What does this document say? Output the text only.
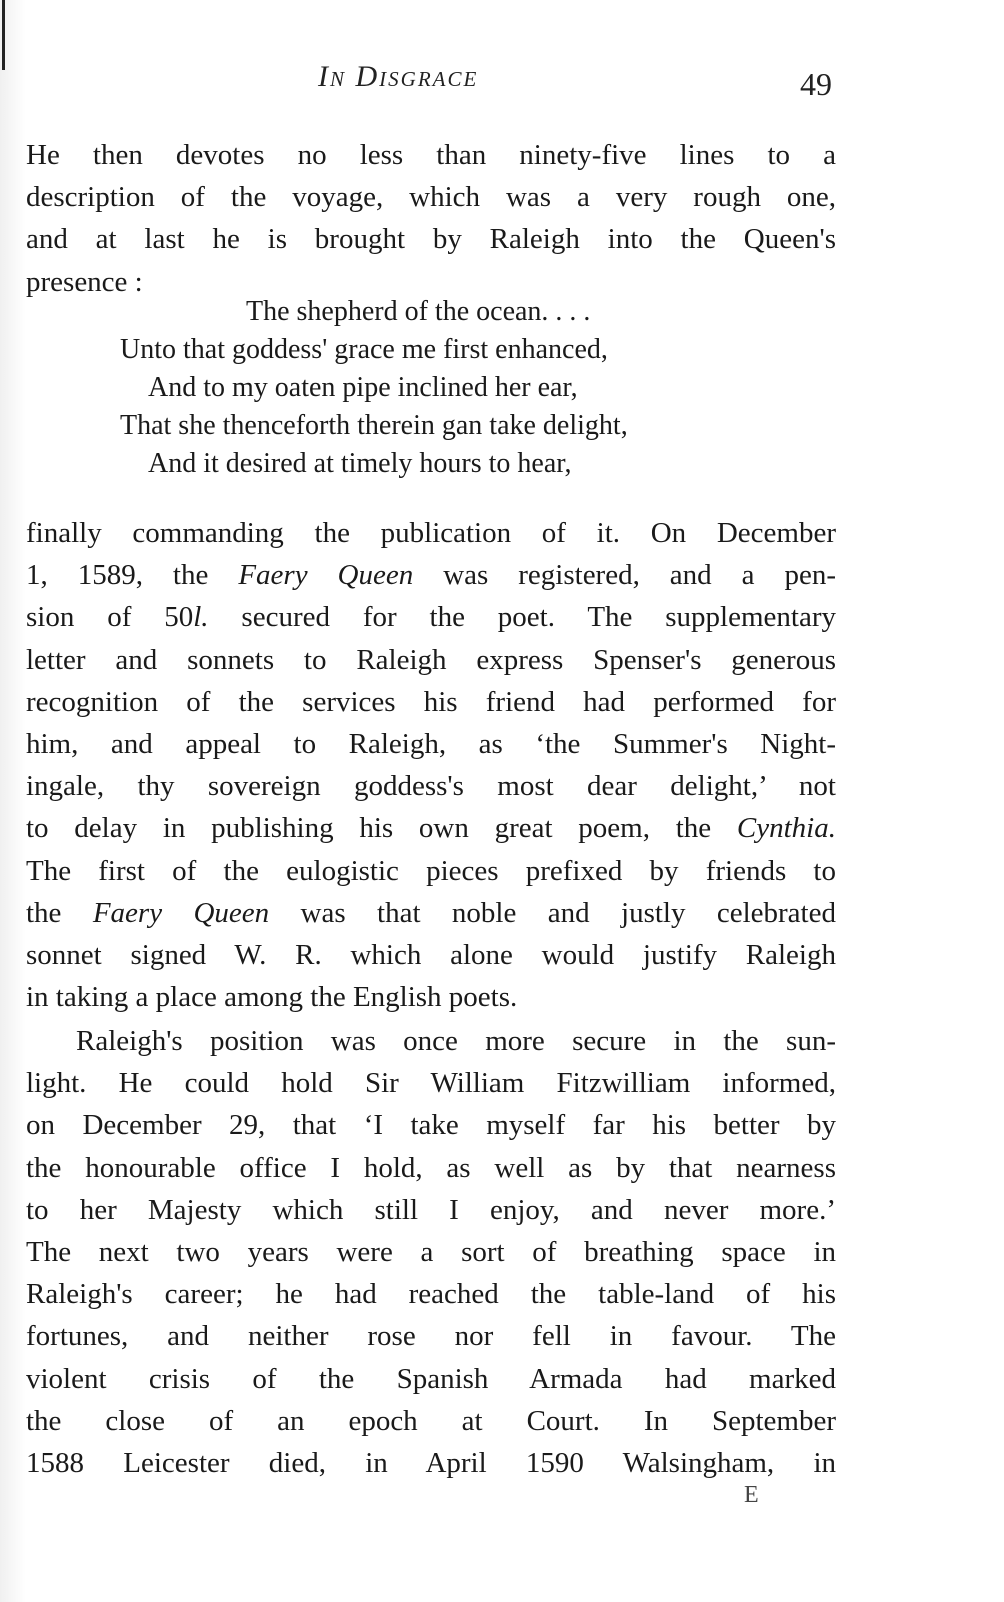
In Disgrace	49
He then devotes no less than ninety-five lines to a
description of the voyage, which was a very rough one,
and at last he is brought by Raleigh into the Queen's
presence :
The shepherd of the ocean. . . .
Unto that goddess' grace me first enhanced,
And to my oaten pipe inclined her ear,
That she thenceforth therein gan take delight,
And it desired at timely hours to hear,
finally commanding the publication of it. On December
1, 1589, the Faery Queen was registered, and a pen-
sion of 50l. secured for the poet. The supplementary
letter and sonnets to Raleigh express Spenser's generous
recognition of the services his friend had performed for
him, and appeal to Raleigh, as ‘the Summer's Night-
ingale, thy sovereign goddess's most dear delight,’ not
to delay in publishing his own great poem, the Cynthia.
The first of the eulogistic pieces prefixed by friends to
the Faery Queen was that noble and justly celebrated
sonnet signed W. R. which alone would justify Raleigh
in taking a place among the English poets.
Raleigh's position was once more secure in the sun-
light. He could hold Sir William Fitzwilliam informed,
on December 29, that ‘I take myself far his better by
the honourable office I hold, as well as by that nearness
to her Majesty which still I enjoy, and never more.’
The next two years were a sort of breathing space in
Raleigh's career; he had reached the table-land of his
fortunes, and neither rose nor fell in favour. The
violent crisis of the Spanish Armada had marked
the close of an epoch at Court. In September
1588 Leicester died, in April 1590 Walsingham, in
E
